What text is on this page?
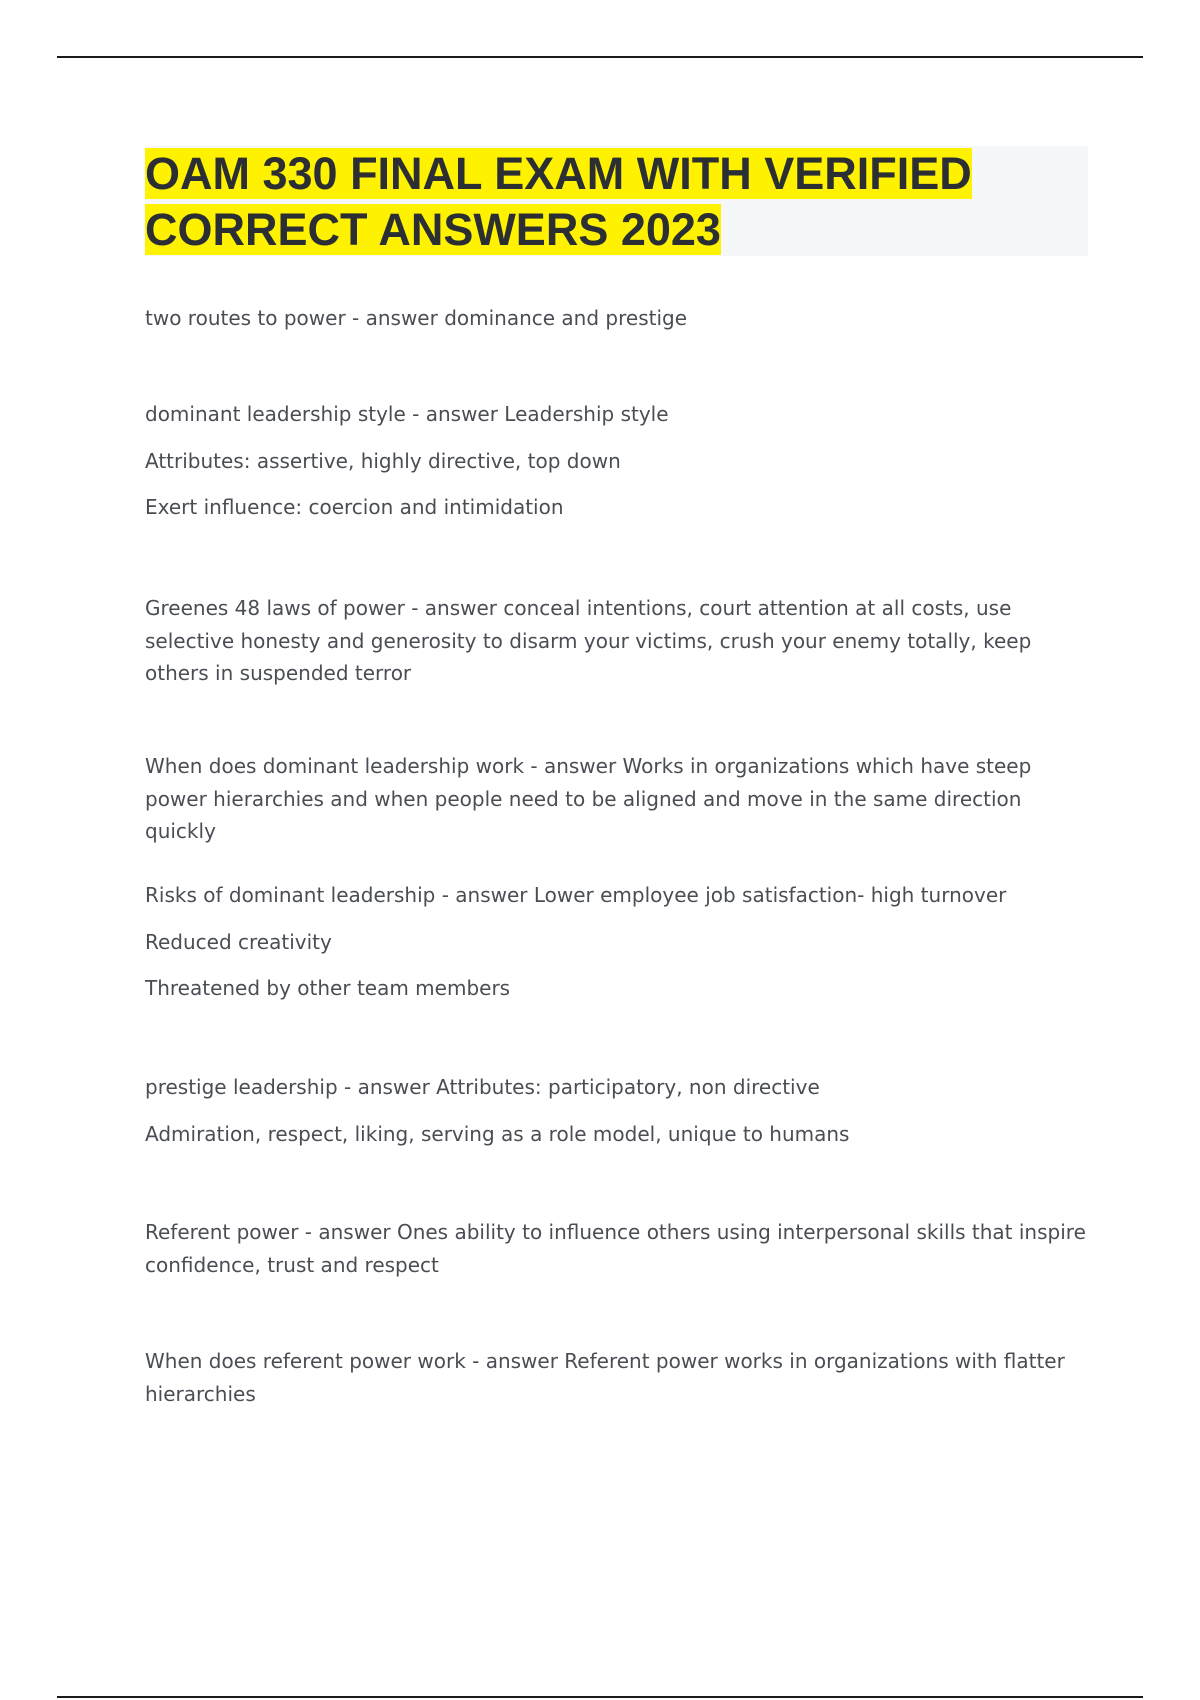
OAM 330 FINAL EXAM WITH VERIFIED CORRECT ANSWERS 2023

two routes to power - answer dominance and prestige

dominant leadership style - answer Leadership style

Attributes: assertive, highly directive, top down

Exert influence: coercion and intimidation

Greenes 48 laws of power - answer conceal intentions, court attention at all costs, use selective honesty and generosity to disarm your victims, crush your enemy totally, keep others in suspended terror

When does dominant leadership work - answer Works in organizations which have steep power hierarchies and when people need to be aligned and move in the same direction quickly

Risks of dominant leadership - answer Lower employee job satisfaction- high turnover

Reduced creativity

Threatened by other team members

prestige leadership - answer Attributes: participatory, non directive

Admiration, respect, liking, serving as a role model, unique to humans

Referent power - answer Ones ability to influence others using interpersonal skills that inspire confidence, trust and respect

When does referent power work - answer Referent power works in organizations with flatter hierarchies
